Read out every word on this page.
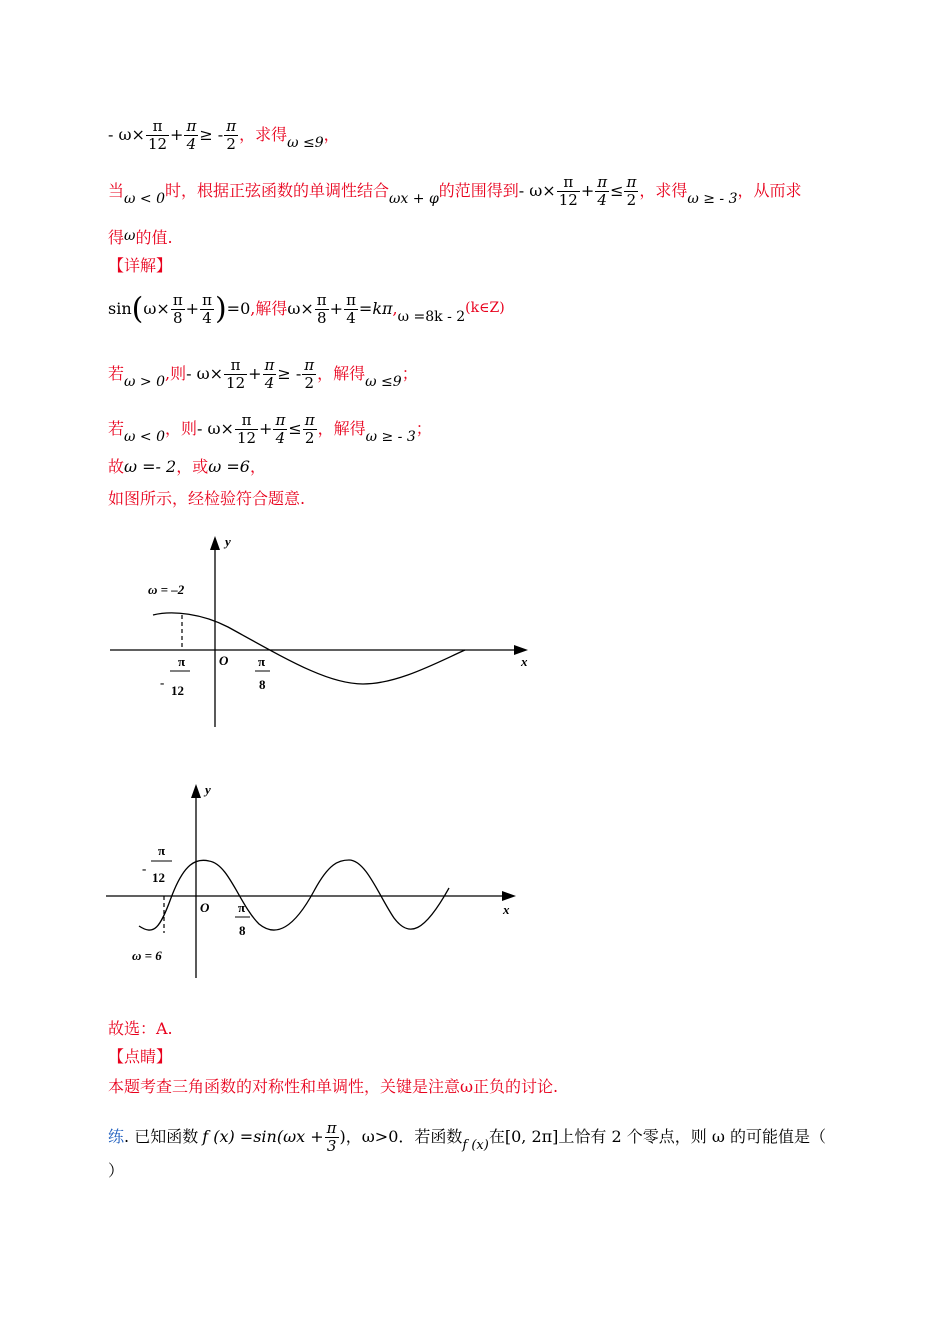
- $\omega\times \frac{\pi}{12} + \frac{\pi}{4}$ ≥ - $\frac{\pi}{2}$ ，求得ω ≤9，
当ω < 0时，根据正弦函数的单调性结合ωx + φ的范围得到- $\omega\times \frac{\pi}{12} + \frac{\pi}{4} \le \frac{\pi}{2}$ ，求得ω ≥ - 3，从而求
得ω的值.
【详解】
$\sin(\omega\times \frac{\pi}{8} + \frac{\pi}{4} )=0$,解得$\omega\times \frac{\pi}{8} + \frac{\pi}{4} =k\pi,\omega =8k$ - 2(k∈Z)
若ω > 0,则- $\omega\times \frac{\pi}{12} + \frac{\pi}{4}$ ≥ - $\frac{\pi}{2}$ ，解得ω ≤9；
若ω < 0，则- $\omega\times \frac{\pi}{12} + \frac{\pi}{4} \le \frac{\pi}{2}$ ，解得ω ≥ - 3；
故ω =- 2，或ω =6，
如图所示，经检验符合题意.
y
x
O
ω = –2
-
π
12
π
8
y
x
O
ω = 6
-
π
12
π
8
故选：A.
【点睛】
本题考查三角函数的对称性和单调性，关键是注意ω正负的讨论.
练. 已知函数 f $(x) =\sin(\omega x + \frac{\pi}{3}$ )，ω>0．若函数$_{f (x)}$在[0, 2π]上恰有 2 个零点，则 ω 的可能值是（
）
